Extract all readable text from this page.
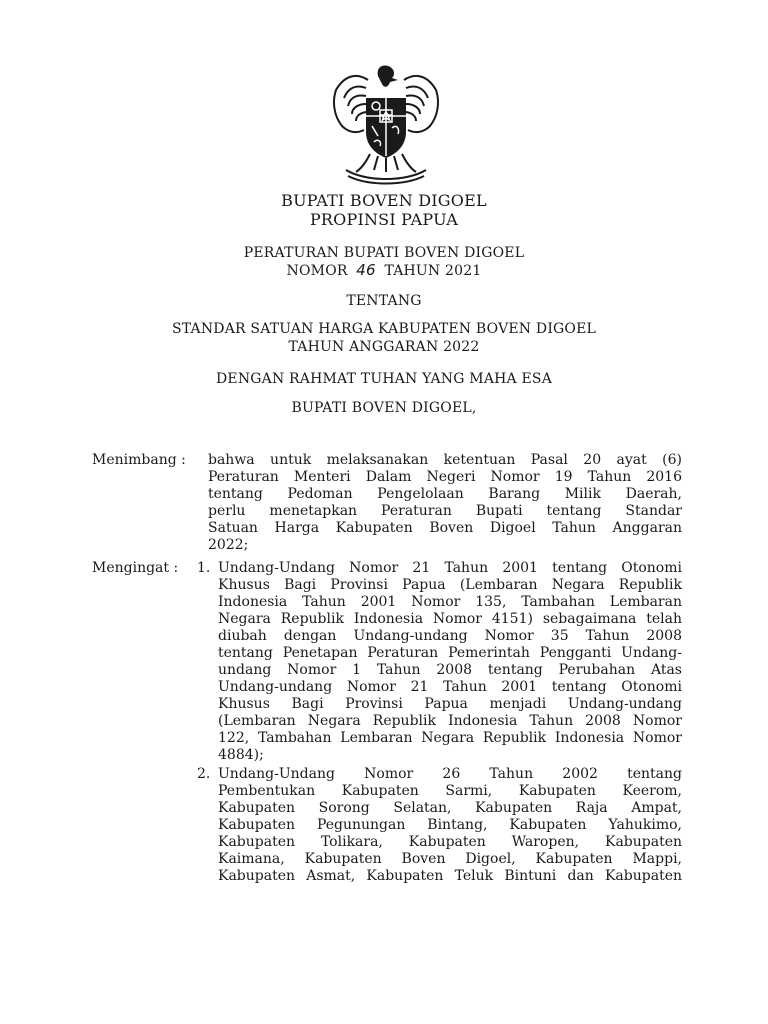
BUPATI BOVEN DIGOEL
PROPINSI PAPUA
PERATURAN BUPATI BOVEN DIGOEL
NOMOR 46 TAHUN 2021
TENTANG
STANDAR SATUAN HARGA KABUPATEN BOVEN DIGOEL
TAHUN ANGGARAN 2022
DENGAN RAHMAT TUHAN YANG MAHA ESA
BUPATI BOVEN DIGOEL,
Menimbang : bahwa untuk melaksanakan ketentuan Pasal 20 ayat (6)
Peraturan Menteri Dalam Negeri Nomor 19 Tahun 2016
tentang Pedoman Pengelolaan Barang Milik Daerah,
perlu menetapkan Peraturan Bupati tentang Standar
Satuan Harga Kabupaten Boven Digoel Tahun Anggaran
2022;
Mengingat : 1. Undang-Undang Nomor 21 Tahun 2001 tentang Otonomi
Khusus Bagi Provinsi Papua (Lembaran Negara Republik
Indonesia Tahun 2001 Nomor 135, Tambahan Lembaran
Negara Republik Indonesia Nomor 4151) sebagaimana telah
diubah dengan Undang-undang Nomor 35 Tahun 2008
tentang Penetapan Peraturan Pemerintah Pengganti Undang-
undang Nomor 1 Tahun 2008 tentang Perubahan Atas
Undang-undang Nomor 21 Tahun 2001 tentang Otonomi
Khusus Bagi Provinsi Papua menjadi Undang-undang
(Lembaran Negara Republik Indonesia Tahun 2008 Nomor
122, Tambahan Lembaran Negara Republik Indonesia Nomor
4884);
2. Undang-Undang Nomor 26 Tahun 2002 tentang
Pembentukan Kabupaten Sarmi, Kabupaten Keerom,
Kabupaten Sorong Selatan, Kabupaten Raja Ampat,
Kabupaten Pegunungan Bintang, Kabupaten Yahukimo,
Kabupaten Tolikara, Kabupaten Waropen, Kabupaten
Kaimana, Kabupaten Boven Digoel, Kabupaten Mappi,
Kabupaten Asmat, Kabupaten Teluk Bintuni dan Kabupaten
